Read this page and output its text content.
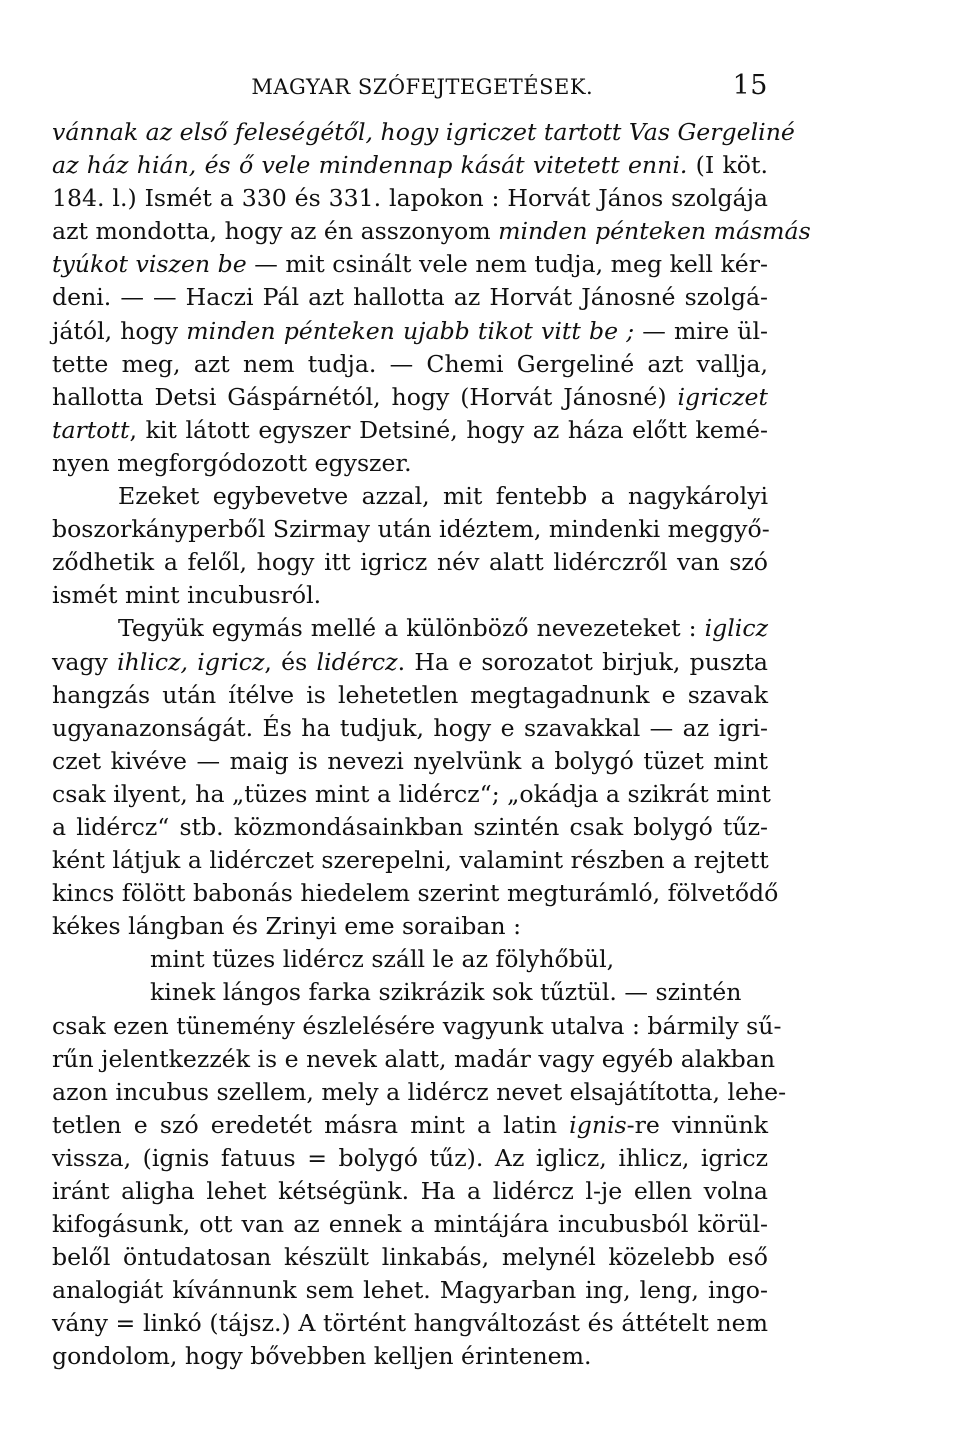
MAGYAR SZÓFEJTEGETÉSEK.	15
vánnak az első feleségétől, hogy igriczet tartott Vas Gergeliné
az ház hián, és ő vele mindennap kását vitetett enni. (I köt.
184. l.) Ismét a 330 és 331. lapokon : Horvát János szolgája
azt mondotta, hogy az én asszonyom minden pénteken másmás
tyúkot viszen be — mit csinált vele nem tudja, meg kell kér-
deni. — — Haczi Pál azt hallotta az Horvát Jánosné szolgá-
jától, hogy minden pénteken ujabb tikot vitt be ; — mire ül-
tette meg, azt nem tudja. — Chemi Gergeliné azt vallja,
hallotta Detsi Gáspárnétól, hogy (Horvát Jánosné) igriczet
tartott, kit látott egyszer Detsiné, hogy az háza előtt kemé-
nyen megforgódozott egyszer.
Ezeket egybevetve azzal, mit fentebb a nagykárolyi
boszorkányperből Szirmay után idéztem, mindenki meggyő-
ződhetik a felől, hogy itt igricz név alatt lidérczről van szó
ismét mint incubusról.
Tegyük egymás mellé a különböző nevezeteket : iglicz
vagy ihlicz, igricz, és lidércz. Ha e sorozatot birjuk, puszta
hangzás után ítélve is lehetetlen megtagadnunk e szavak
ugyanazonságát. És ha tudjuk, hogy e szavakkal — az igri-
czet kivéve — maig is nevezi nyelvünk a bolygó tüzet mint
csak ilyent, ha „tüzes mint a lidércz“; „okádja a szikrát mint
a lidércz“ stb. közmondásainkban szintén csak bolygó tűz-
ként látjuk a lidérczet szerepelni, valamint részben a rejtett
kincs fölött babonás hiedelem szerint megturámló, fölvetődő
kékes lángban és Zrinyi eme soraiban :
mint tüzes lidércz száll le az fölyhőbül,
kinek lángos farka szikrázik sok tűztül. — szintén
csak ezen tünemény észlelésére vagyunk utalva : bármily sű-
rűn jelentkezzék is e nevek alatt, madár vagy egyéb alakban
azon incubus szellem, mely a lidércz nevet elsajátította, lehe-
tetlen e szó eredetét másra mint a latin ignis-re vinnünk
vissza, (ignis fatuus = bolygó tűz). Az iglicz, ihlicz, igricz
iránt aligha lehet kétségünk. Ha a lidércz l-je ellen volna
kifogásunk, ott van az ennek a mintájára incubusból körül-
belől öntudatosan készült linkabás, melynél közelebb eső
analogiát kívánnunk sem lehet. Magyarban ing, leng, ingo-
vány = linkó (tájsz.) A történt hangváltozást és áttételt nem
gondolom, hogy bővebben kelljen érintenem.
